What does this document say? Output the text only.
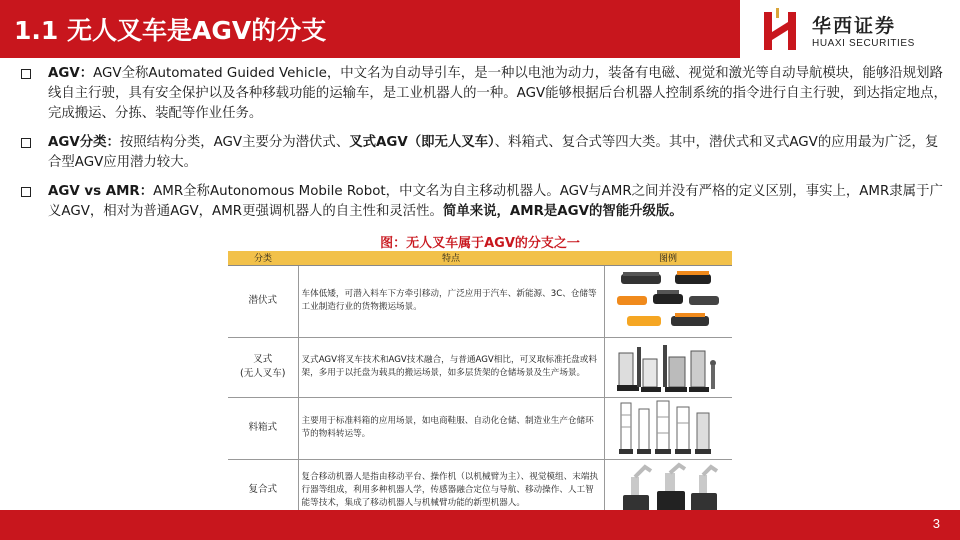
1.1 无人叉车是AGV的分支	华西证券
HUAXI SECURITIES
AGV：AGV全称Automated Guided Vehicle，中文名为自动导引车，是一种以电池为动力，装备有电磁、视觉和激光等自动导航模块，能够沿规划路线自主行驶，具有安全保护以及各种移载功能的运输车，是工业机器人的一种。AGV能够根据后台机器人控制系统的指令进行自主行驶，到达指定地点，完成搬运、分拣、装配等作业任务。
AGV分类：按照结构分类，AGV主要分为潜伏式、叉式AGV（即无人叉车）、料箱式、复合式等四大类。其中，潜伏式和叉式AGV的应用最为广泛，复合型AGV应用潜力较大。
AGV vs AMR：AMR全称Autonomous Mobile Robot，中文名为自主移动机器人。AGV与AMR之间并没有严格的定义区别，事实上，AMR隶属于广义AGV，相对为普通AGV，AMR更强调机器人的自主性和灵活性。简单来说，AMR是AGV的智能升级版。
图：无人叉车属于AGV的分支之一
分类	特点	图例
潜伏式	车体低矮，可潜入料车下方牵引移动，广泛应用于汽车、新能源、3C、仓储等工业制造行业的货物搬运场景。	

叉式
(无人叉车)	叉式AGV将叉车技术和AGV技术融合，与普通AGV相比，可叉取标准托盘或料架，多用于以托盘为载具的搬运场景，如多层货架的仓储场景及生产场景。	

料箱式	主要用于标准料箱的应用场景，如电商鞋服、自动化仓储、制造业生产仓储环节的物料转运等。	

复合式	复合移动机器人是指由移动平台、操作机（以机械臂为主）、视觉模组、末端执行器等组成，利用多种机器人学，传感器融合定位与导航、移动操作、人工智能等技术，集成了移动机器人与机械臂功能的新型机器人。	
3
